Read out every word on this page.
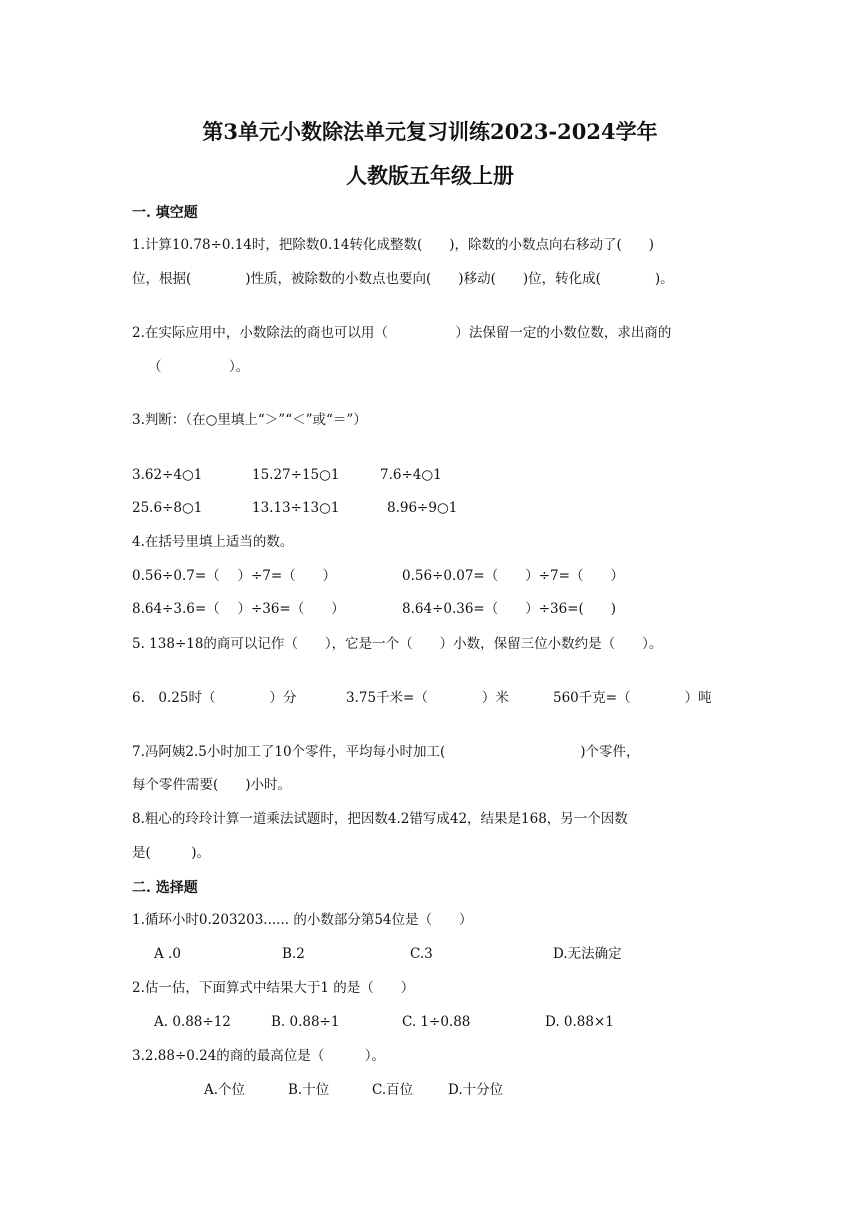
第3单元小数除法单元复习训练2023-2024学年
人教版五年级上册
一. 填空题
1.计算10.78÷0.14时，把除数0.14转化成整数(　　)，除数的小数点向右移动了(　　)
位，根据(　　　　)性质，被除数的小数点也要向(　　)移动(　　)位，转化成(　　　　)。
2.在实际应用中，小数除法的商也可以用（　　　　　）法保留一定的小数位数，求出商的
（　　　　　）。
3.判断：（在○里填上“＞”“＜”或“＝”）
3.62÷4○1	15.27÷15○1	7.6÷4○1
25.6÷8○1	13.13÷13○1	8.96÷9○1
4.在括号里填上适当的数。
0.56÷0.7=（　 ）÷7=（　　）	0.56÷0.07=（　　）÷7=（　　）
8.64÷3.6=（　 ）÷36=（　　）	8.64÷0.36=（　　）÷36=(　　)
5. 138÷18的商可以记作（　　），它是一个（　　）小数，保留三位小数约是（　　）。
6.　0.25时（　　　　）分	3.75千米=（　　　　）米	560千克=（　　　　）吨
7.冯阿姨2.5小时加工了10个零件，平均每小时加工(　　　　　　　　　　)个零件，
每个零件需要(　　)小时。
8.粗心的玲玲计算一道乘法试题时，把因数4.2错写成42，结果是168，另一个因数
是(　　　)。
二. 选择题
1.循环小时0.203203...... 的小数部分第54位是（　　）
A .0	B.2	C.3	D.无法确定
2.估一估，下面算式中结果大于1 的是（　　）
A. 0.88÷12	B. 0.88÷1	C. 1÷0.88	D. 0.88×1
3.2.88÷0.24的商的最高位是（　　　）。
A.个位	B.十位	C.百位	D.十分位
